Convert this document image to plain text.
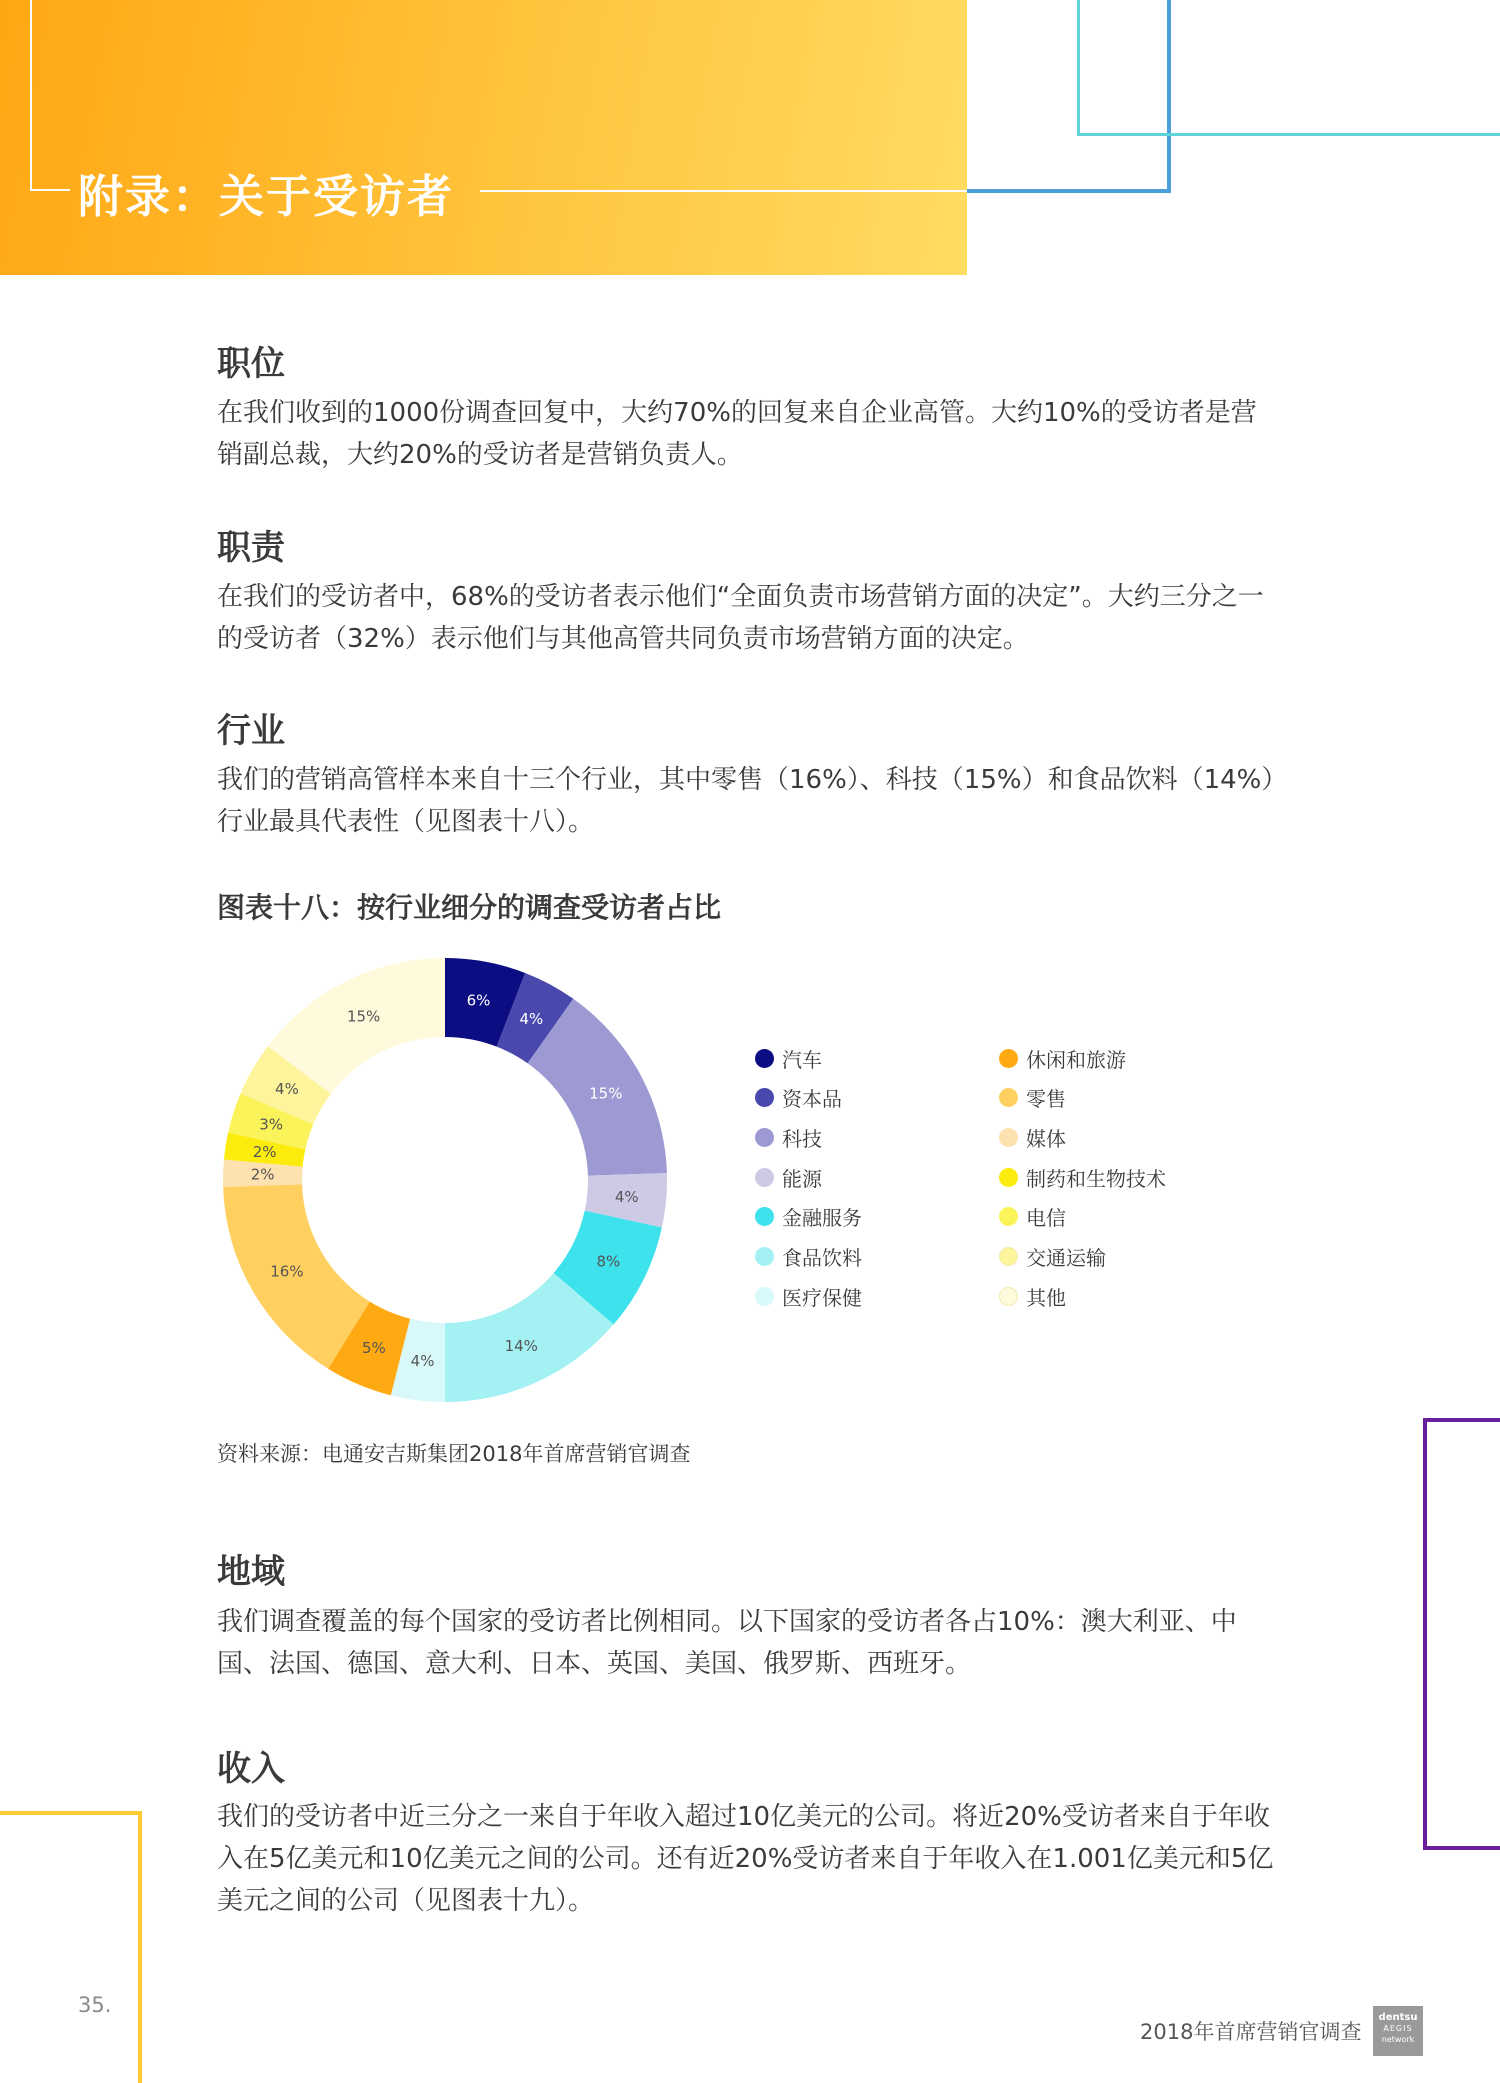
附录：关于受访者
职位

在我们收到的1000份调查回复中，大约70%的回复来自企业高管。大约10%的受访者是营销副总裁，大约20%的受访者是营销负责人。

职责

在我们的受访者中，68%的受访者表示他们“全面负责市场营销方面的决定”。大约三分之一的受访者（32%）表示他们与其他高管共同负责市场营销方面的决定。

行业

我们的营销高管样本来自十三个行业，其中零售（16%）、科技（15%）和食品饮料（14%）行业最具代表性（见图表十八）。

图表十八：按行业细分的调查受访者占比
6%
4%
15%
4%
8%
14%
4%
5%
16%
2%
2%
3%
4%
15%
汽车
资本品
科技
能源
金融服务
食品饮料
医疗保健
休闲和旅游
零售
媒体
制药和生物技术
电信
交通运输
其他

资料来源：电通安吉斯集团2018年首席营销官调查

地域

我们调查覆盖的每个国家的受访者比例相同。以下国家的受访者各占10%：澳大利亚、中国、法国、德国、意大利、日本、英国、美国、俄罗斯、西班牙。

收入

我们的受访者中近三分之一来自于年收入超过10亿美元的公司。将近20%受访者来自于年收入在5亿美元和10亿美元之间的公司。还有近20%受访者来自于年收入在1.001亿美元和5亿美元之间的公司（见图表十九）。

35.

2018年首席营销官调查

dentsu
AEGIS
network
